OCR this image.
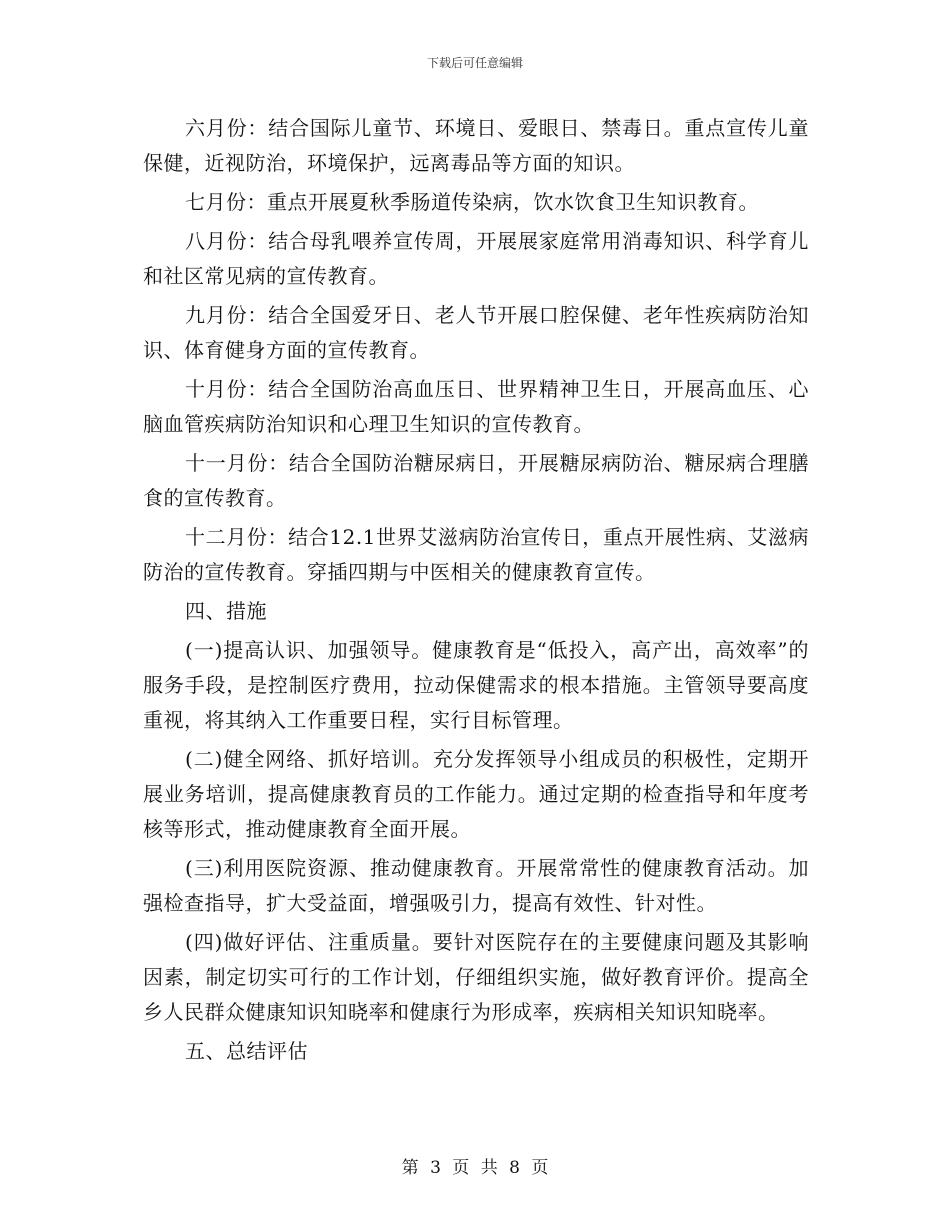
下载后可任意编辑

六月份：结合国际儿童节、环境日、爱眼日、禁毒日。重点宣传儿童保健，近视防治，环境保护，远离毒品等方面的知识。

七月份：重点开展夏秋季肠道传染病，饮水饮食卫生知识教育。

八月份：结合母乳喂养宣传周，开展展家庭常用消毒知识、科学育儿和社区常见病的宣传教育。

九月份：结合全国爱牙日、老人节开展口腔保健、老年性疾病防治知识、体育健身方面的宣传教育。

十月份：结合全国防治高血压日、世界精神卫生日，开展高血压、心脑血管疾病防治知识和心理卫生知识的宣传教育。

十一月份：结合全国防治糖尿病日，开展糖尿病防治、糖尿病合理膳食的宣传教育。

十二月份：结合12.1世界艾滋病防治宣传日，重点开展性病、艾滋病防治的宣传教育。穿插四期与中医相关的健康教育宣传。

四、措施

(一)提高认识、加强领导。健康教育是“低投入，高产出，高效率”的服务手段，是控制医疗费用，拉动保健需求的根本措施。主管领导要高度重视，将其纳入工作重要日程，实行目标管理。

(二)健全网络、抓好培训。充分发挥领导小组成员的积极性，定期开展业务培训，提高健康教育员的工作能力。通过定期的检查指导和年度考核等形式，推动健康教育全面开展。

(三)利用医院资源、推动健康教育。开展常常性的健康教育活动。加强检查指导，扩大受益面，增强吸引力，提高有效性、针对性。

(四)做好评估、注重质量。要针对医院存在的主要健康问题及其影响因素，制定切实可行的工作计划，仔细组织实施，做好教育评价。提高全乡人民群众健康知识知晓率和健康行为形成率，疾病相关知识知晓率。

五、总结评估

第 3 页 共 8 页
